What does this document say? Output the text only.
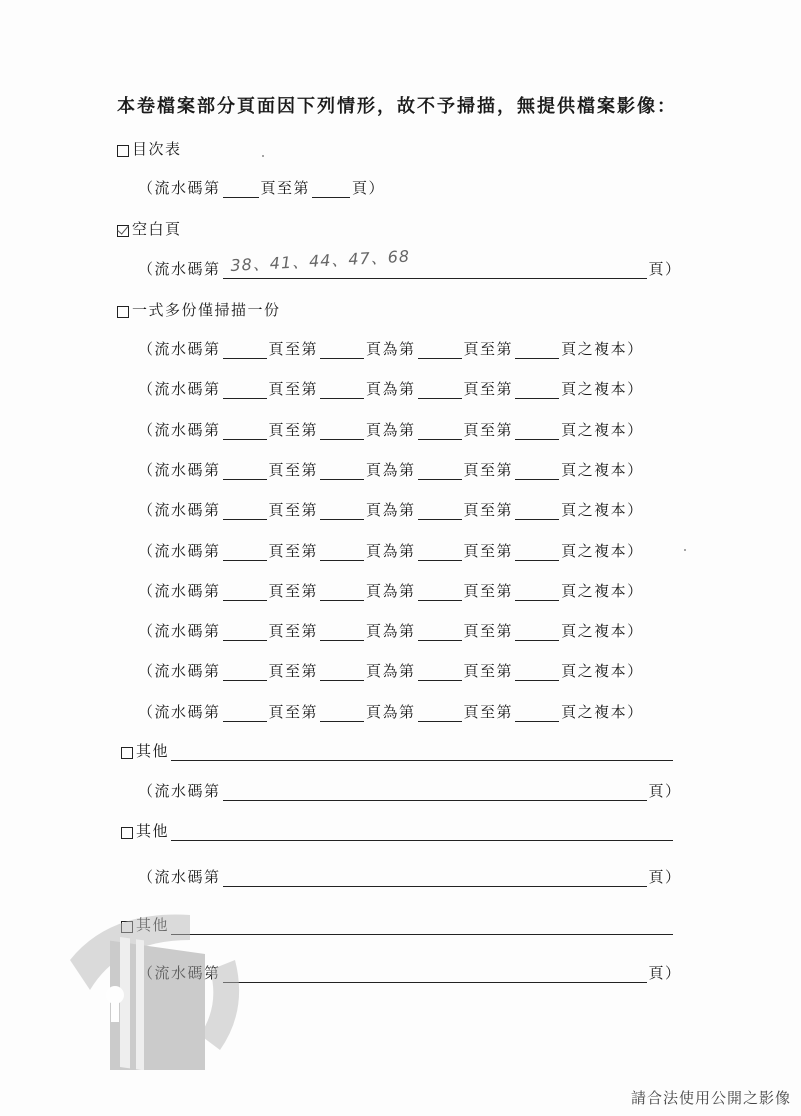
本卷檔案部分頁面因下列情形，故不予掃描，無提供檔案影像：
目次表
（流水碼第	頁至第	頁）
空白頁
（流水碼第 38、41、44、47、68	頁）
一式多份僅掃描一份
（流水碼第	頁至第	頁為第	頁至第	頁之複本）
（流水碼第	頁至第	頁為第	頁至第	頁之複本）
（流水碼第	頁至第	頁為第	頁至第	頁之複本）
（流水碼第	頁至第	頁為第	頁至第	頁之複本）
（流水碼第	頁至第	頁為第	頁至第	頁之複本）
（流水碼第	頁至第	頁為第	頁至第	頁之複本）
（流水碼第	頁至第	頁為第	頁至第	頁之複本）
（流水碼第	頁至第	頁為第	頁至第	頁之複本）
（流水碼第	頁至第	頁為第	頁至第	頁之複本）
（流水碼第	頁至第	頁為第	頁至第	頁之複本）
其他
（流水碼第	頁）
其他
（流水碼第	頁）
頁）
請合法使用公開之影像
